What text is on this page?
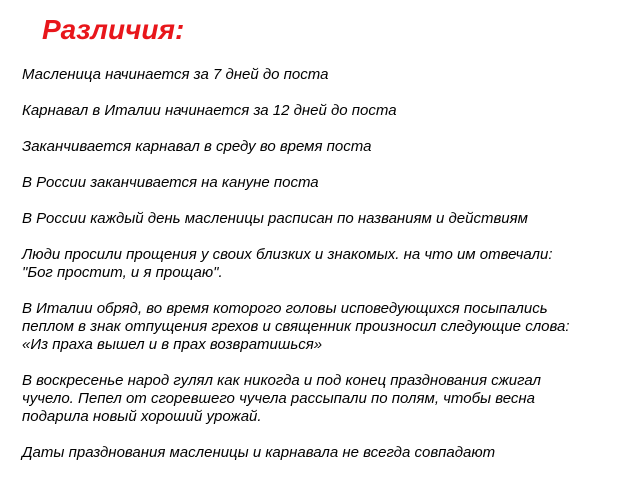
Различия:

Масленица начинается за 7 дней до поста

Карнавал в Италии начинается за 12 дней до поста

Заканчивается карнавал в среду во время поста

В России заканчивается на кануне поста

В России каждый день масленицы расписан по названиям и действиям

Люди просили прощения у своих близких и знакомых. на что им отвечали:
"Бог простит, и я прощаю".

В Италии обряд, во время которого головы исповедующихся посыпались
пеплом в знак отпущения грехов и священник произносил следующие слова:
«Из праха вышел и в прах возвратишься»

В воскресенье народ гулял как никогда и под конец празднования сжигал
чучело. Пепел от сгоревшего чучела рассыпали по полям, чтобы весна
подарила новый хороший урожай.

Даты празднования масленицы и карнавала не всегда совпадают
